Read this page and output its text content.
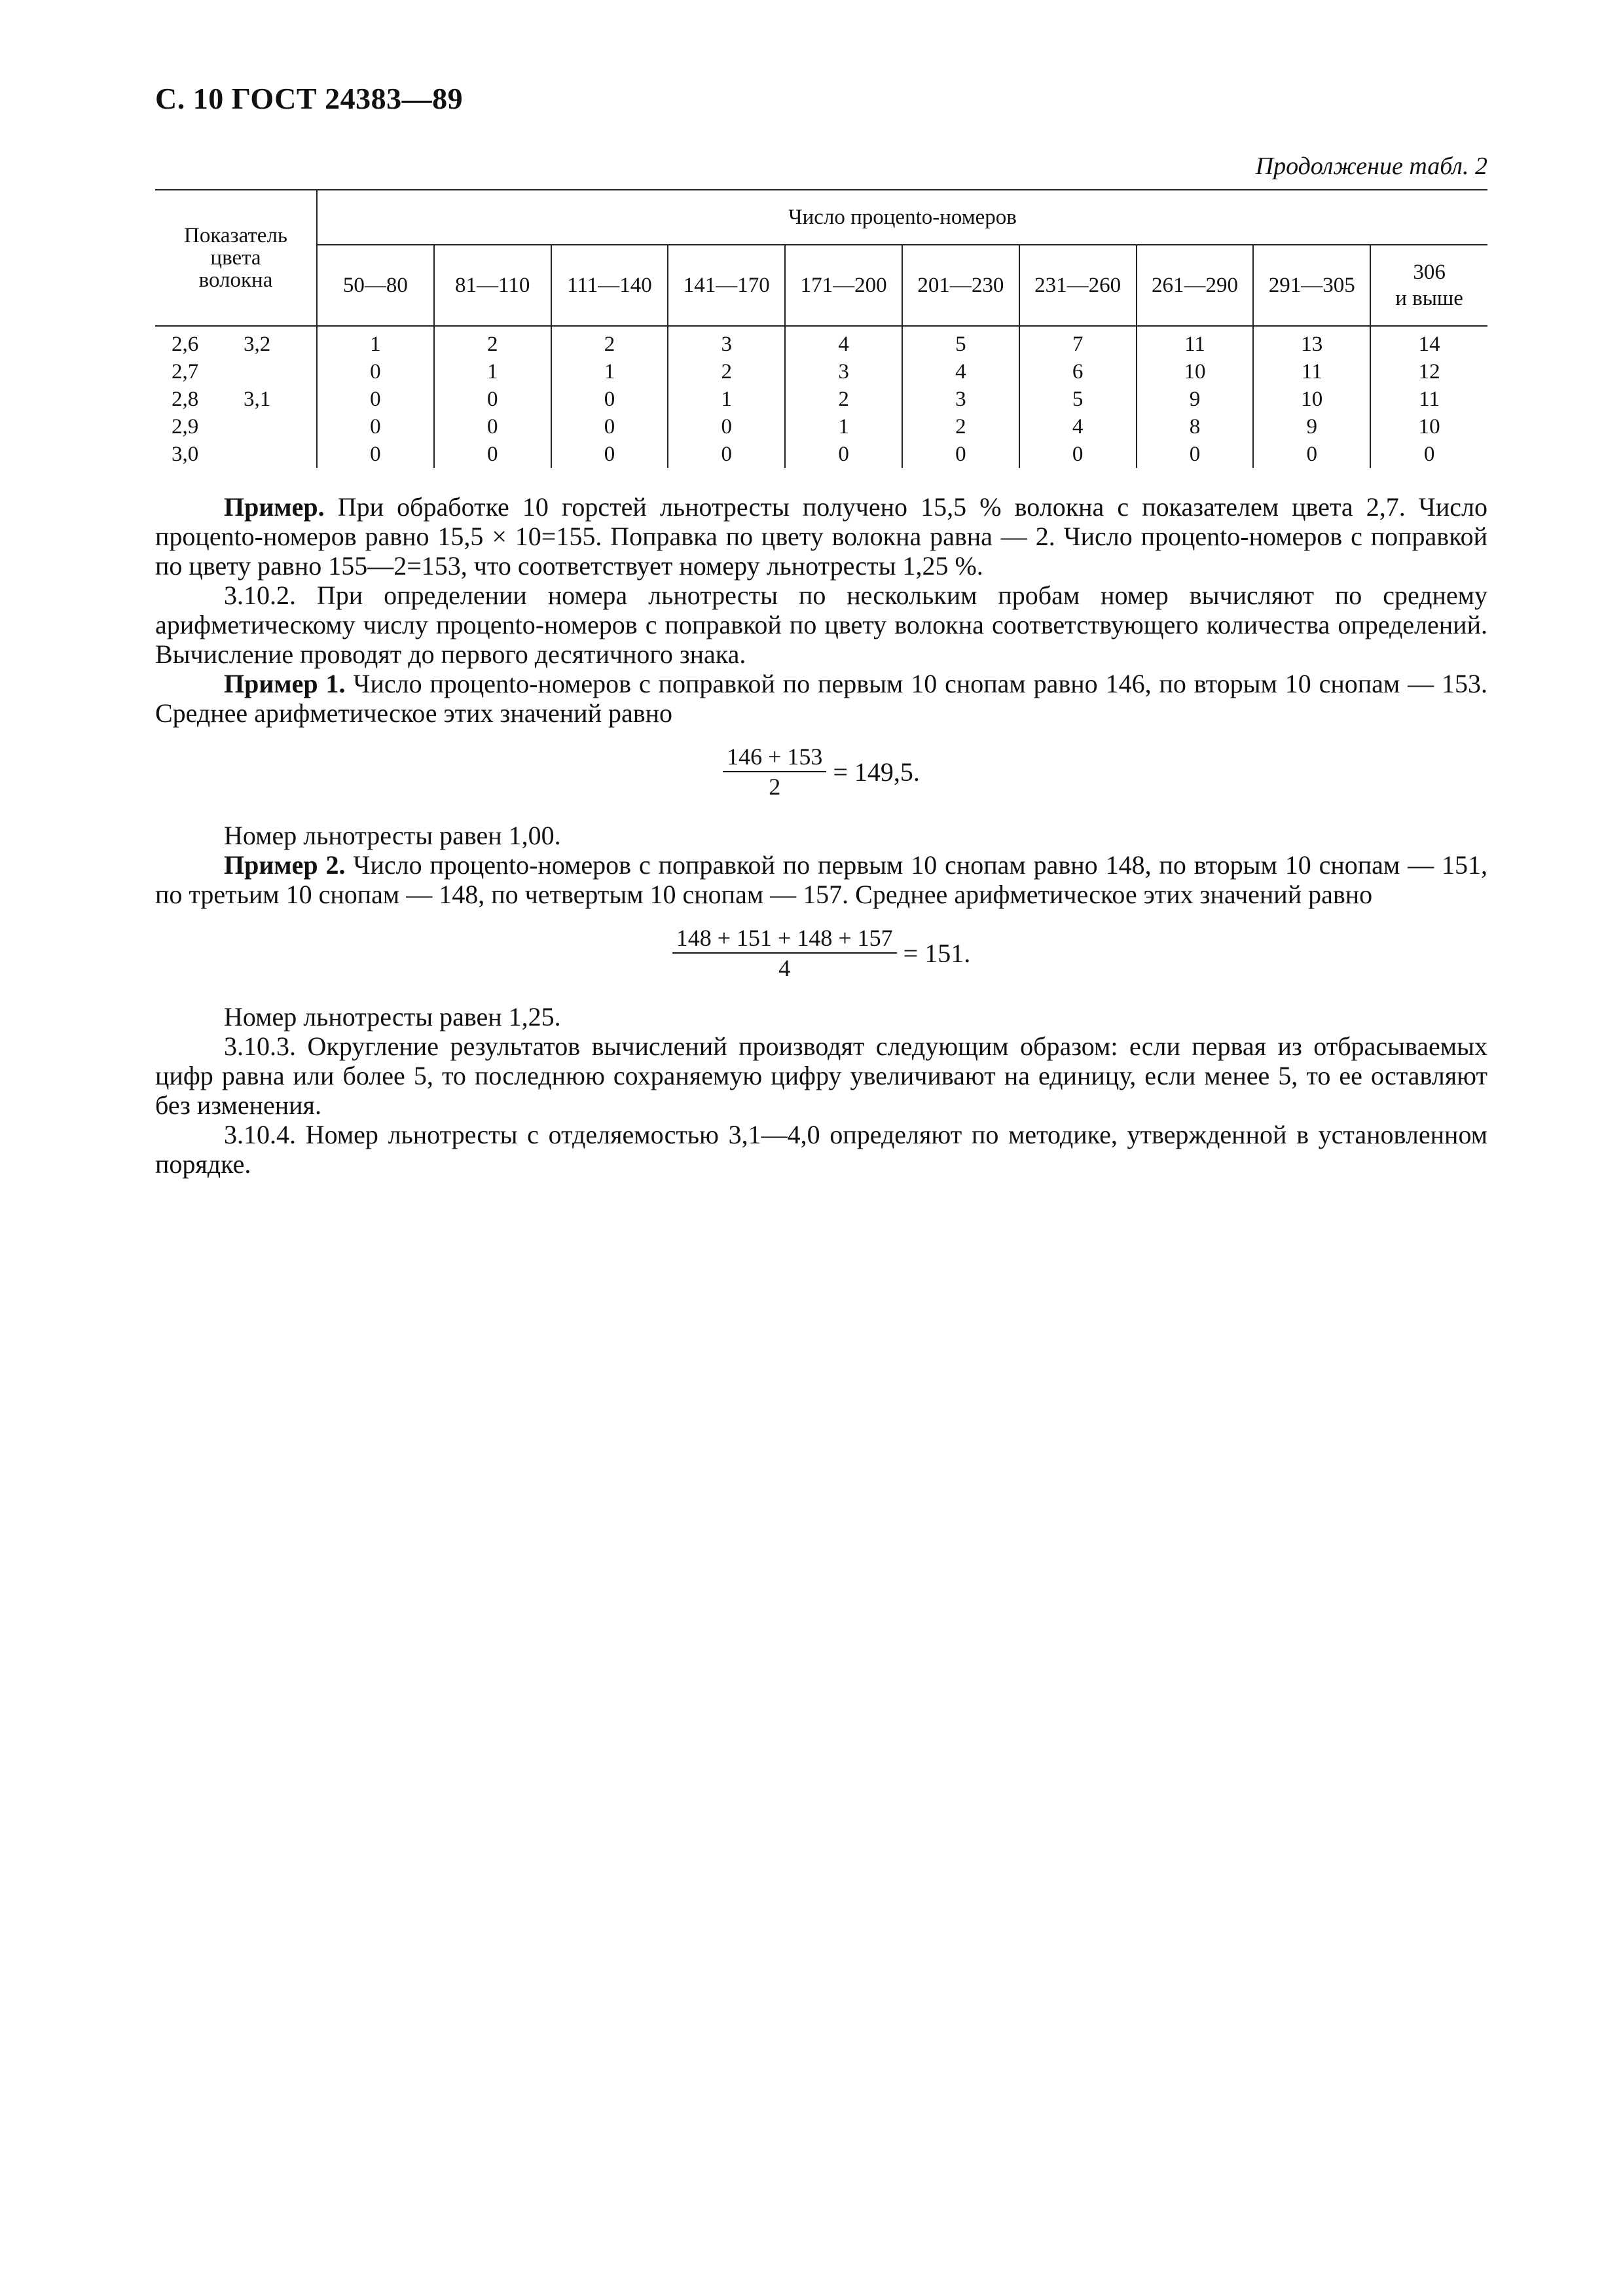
С. 10 ГОСТ 24383—89
Продолжение табл. 2
Показатель
цвета
волокна	Число процento-номеров									

	50—80	81—110	111—140	141—170	171—200	201—230	231—260	261—290	291—305	306
и выше

2,6 3,2	1	2	2	3	4	5	7	11	13	14
2,7	0	1	1	2	3	4	6	10	11	12
2,8 3,1	0	0	0	1	2	3	5	9	10	11
2,9	0	0	0	0	1	2	4	8	9	10
3,0	0	0	0	0	0	0	0	0	0	0

Пример. При обработке 10 горстей льнотресты получено 15,5 % волокна с показателем цвета 2,7. Число процento-номеров равно 15,5 × 10=155. Поправка по цвету волокна равна — 2. Число процento-номеров с поправкой по цвету равно 155—2=153, что соответствует номеру льнотресты 1,25 %.

3.10.2. При определении номера льнотресты по нескольким пробам номер вычисляют по среднему арифметическому числу процento-номеров с поправкой по цвету волокна соответствующего количества определений. Вычисление проводят до первого десятичного знака.

Пример 1. Число процento-номеров с поправкой по первым 10 снопам равно 146, по вторым 10 снопам — 153. Среднее арифметическое этих значений равно

$\frac{146 + 153}{2} = 149,5$.

Номер льнотресты равен 1,00.

Пример 2. Число процento-номеров с поправкой по первым 10 снопам равно 148, по вторым 10 снопам — 151, по третьим 10 снопам — 148, по четвертым 10 снопам — 157. Среднее арифметическое этих значений равно

$\frac{148 + 151 + 148 + 157}{4} = 151$.

Номер льнотресты равен 1,25.

3.10.3. Округление результатов вычислений производят следующим образом: если первая из отбрасываемых цифр равна или более 5, то последнюю сохраняемую цифру увеличивают на единицу, если менее 5, то ее оставляют без изменения.

3.10.4. Номер льнотресты с отделяемостью 3,1—4,0 определяют по методике, утвержденной в установленном порядке.
